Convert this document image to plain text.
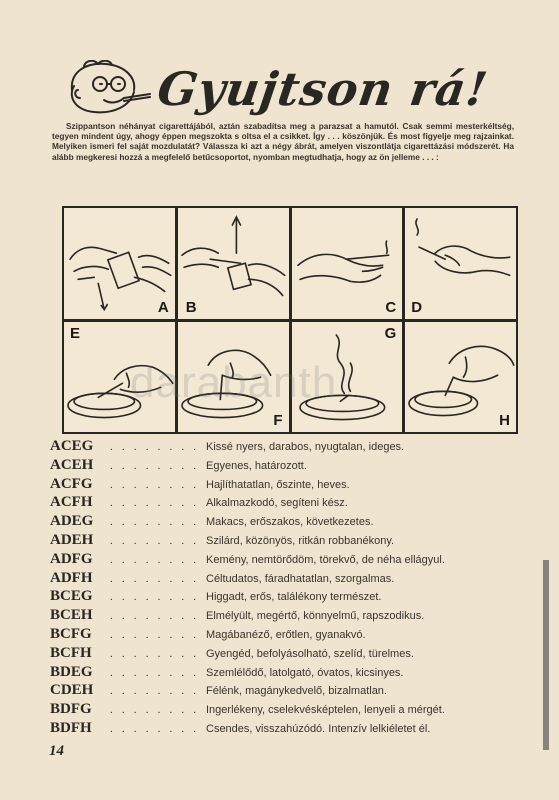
Gyujtson rá!
Szippantson néhányat cigarettájából, aztán szabadítsa meg a parazsat a hamutól. Csak semmi mesterkéltség, tegyen mindent úgy, ahogy éppen megszokta s oltsa el a csikket. Így . . . köszönjük. És most figyelje meg rajzainkat. Melyiken ismeri fel saját mozdulatát? Válassza ki azt a négy ábrát, amelyen viszontlátja cigarettázási módszerét. Ha alább megkeresi hozzá a megfelelő betűcsoportot, nyomban megtudhatja, hogy az ön jelleme . . . :
A B	C D
E
F
G
H
darabanth
ACEG	. . . . . . . . Kissé nyers, darabos, nyugtalan, ideges.
ACEH	. . . . . . . . Egyenes, határozott.
ACFG	. . . . . . . . Hajlíthatatlan, őszinte, heves.
ACFH	. . . . . . . . Alkalmazkodó, segíteni kész.
ADEG	. . . . . . . . Makacs, erőszakos, következetes.
ADEH	. . . . . . . . Szilárd, közönyös, ritkán robbanékony.
ADFG	. . . . . . . . Kemény, nemtörődöm, törekvő, de néha ellágyul.
ADFH	. . . . . . . . Céltudatos, fáradhatatlan, szorgalmas.
BCEG	. . . . . . . . Higgadt, erős, találékony természet.
BCEH	. . . . . . . . Elmélyült, megértő, könnyelmű, rapszodikus.
BCFG	. . . . . . . . Magábanéző, erőtlen, gyanakvó.
BCFH	. . . . . . . . Gyengéd, befolyásolható, szelíd, türelmes.
BDEG	. . . . . . . . Szemlélődő, latolgató, óvatos, kicsinyes.
CDEH	. . . . . . . . Félénk, magánykedvelő, bizalmatlan.
BDFG	. . . . . . . . Ingerlékeny, cselekvésképtelen, lenyeli a mérgét.
BDFH	. . . . . . . . Csendes, visszahúzódó. Intenzív lelkiéletet él.
14
